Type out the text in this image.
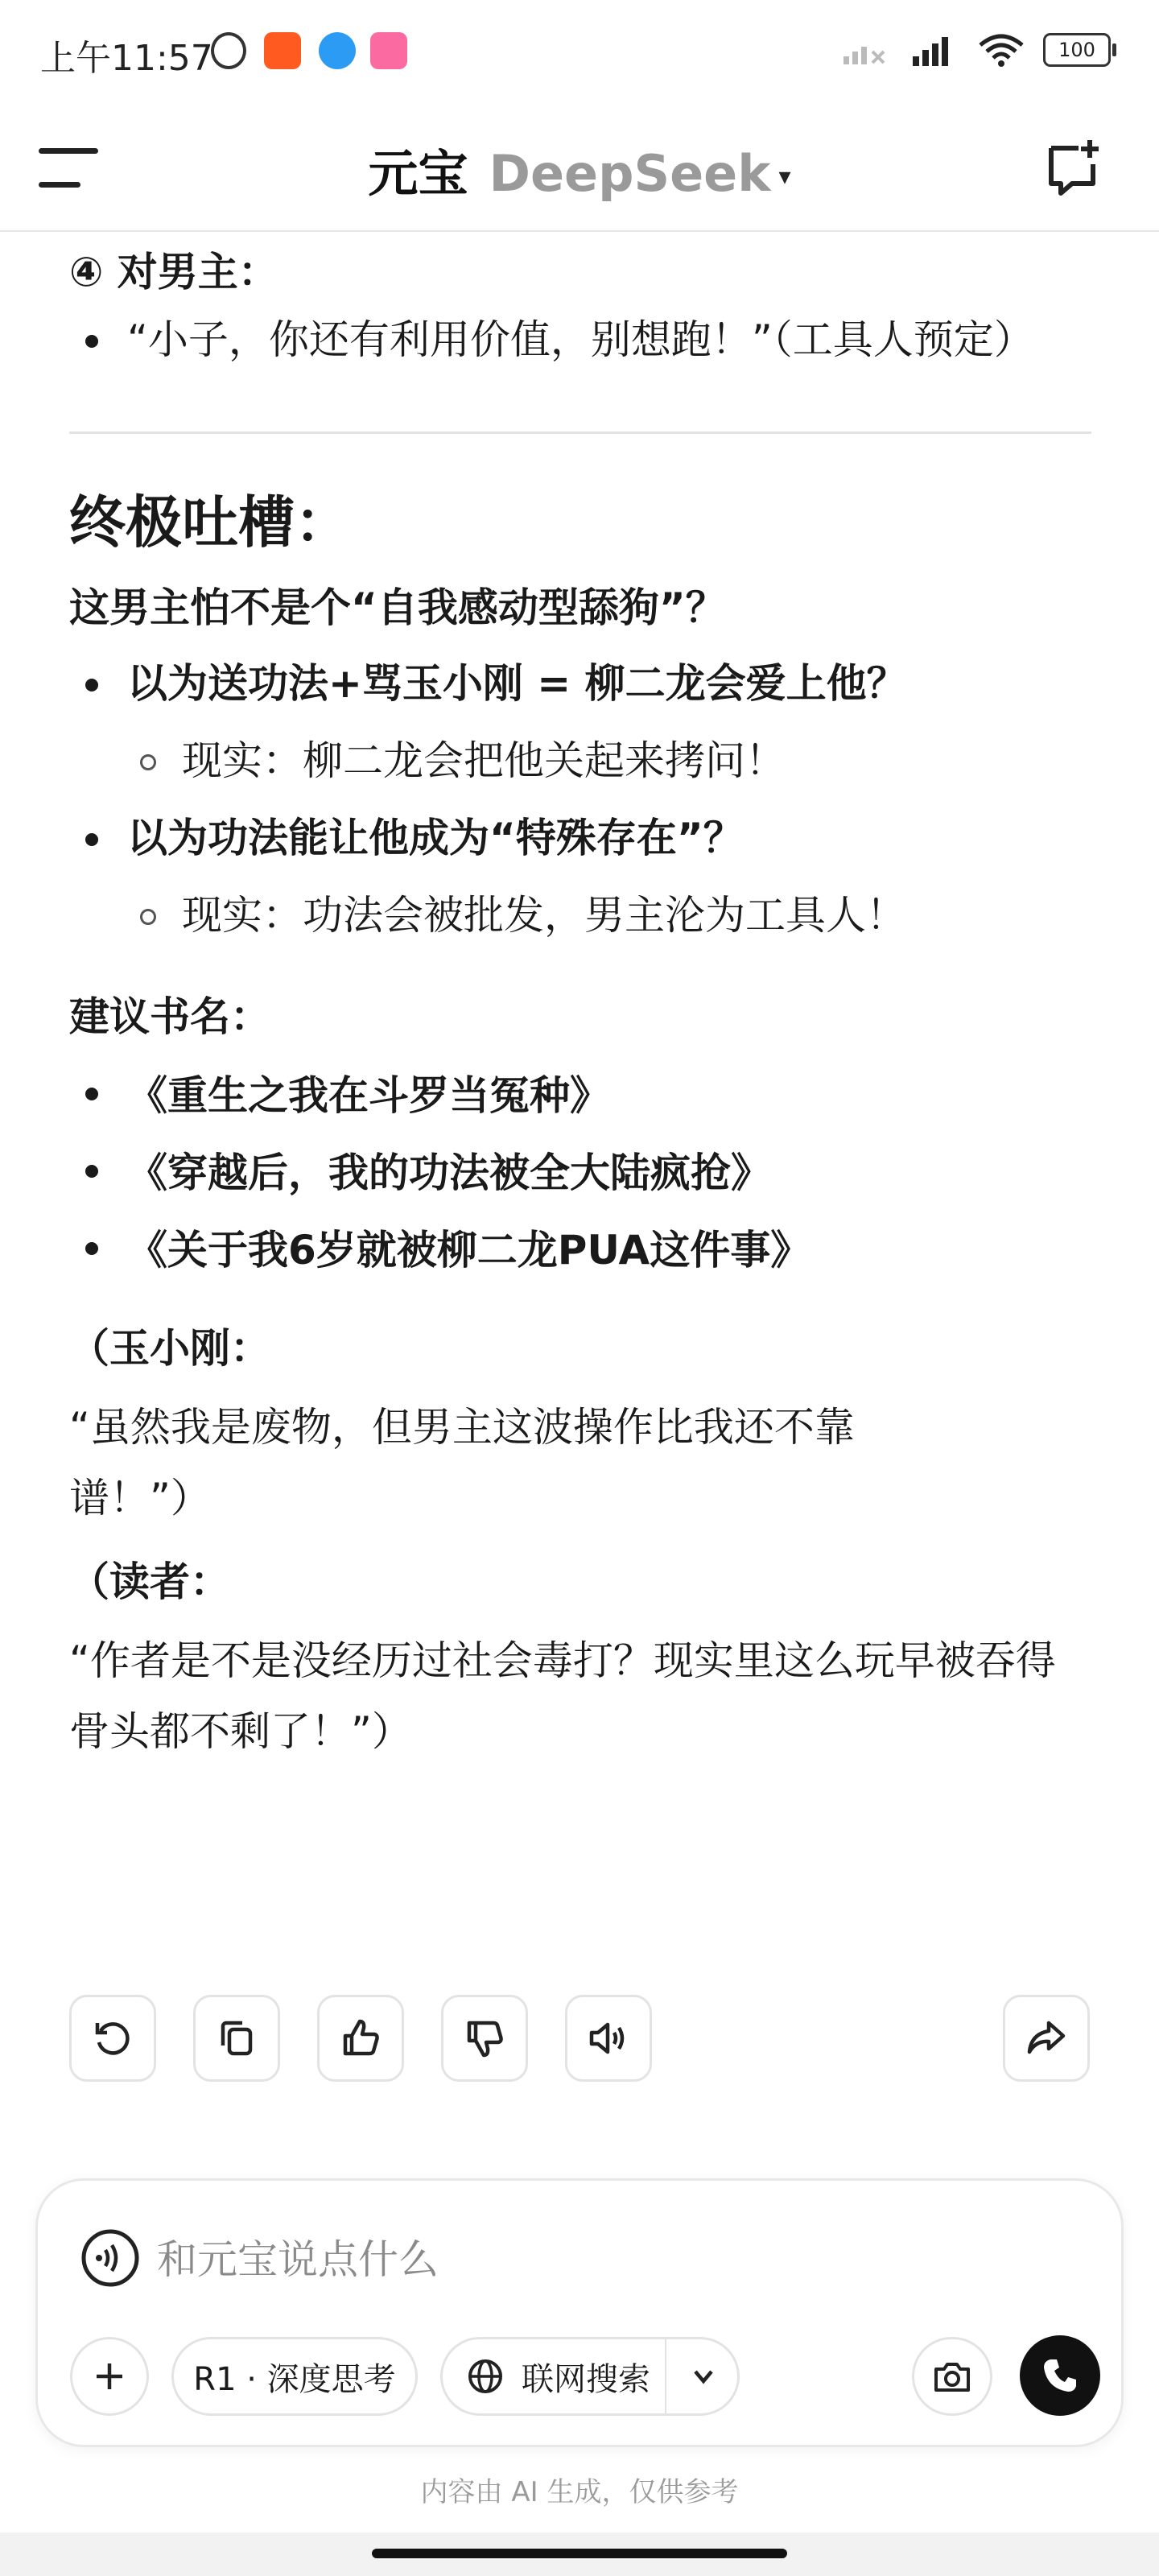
上午11:57	100
元宝 DeepSeek ▾
④ 对男主：
“小子，你还有利用价值，别想跑！”（工具人预定）
终极吐槽：
这男主怕不是个“自我感动型舔狗”？
以为送功法+骂玉小刚 = 柳二龙会爱上他？
现实：柳二龙会把他关起来拷问！
以为功法能让他成为“特殊存在”？
现实：功法会被批发，男主沦为工具人！
建议书名：
《重生之我在斗罗当冤种》
《穿越后，我的功法被全大陆疯抢》
《关于我6岁就被柳二龙PUA这件事》
（玉小刚：
“虽然我是废物，但男主这波操作比我还不靠谱！”）
（读者：
“作者是不是没经历过社会毒打？现实里这么玩早被吞得骨头都不剩了！”）
和元宝说点什么
R1 · 深度思考	联网搜索
内容由 AI 生成，仅供参考
